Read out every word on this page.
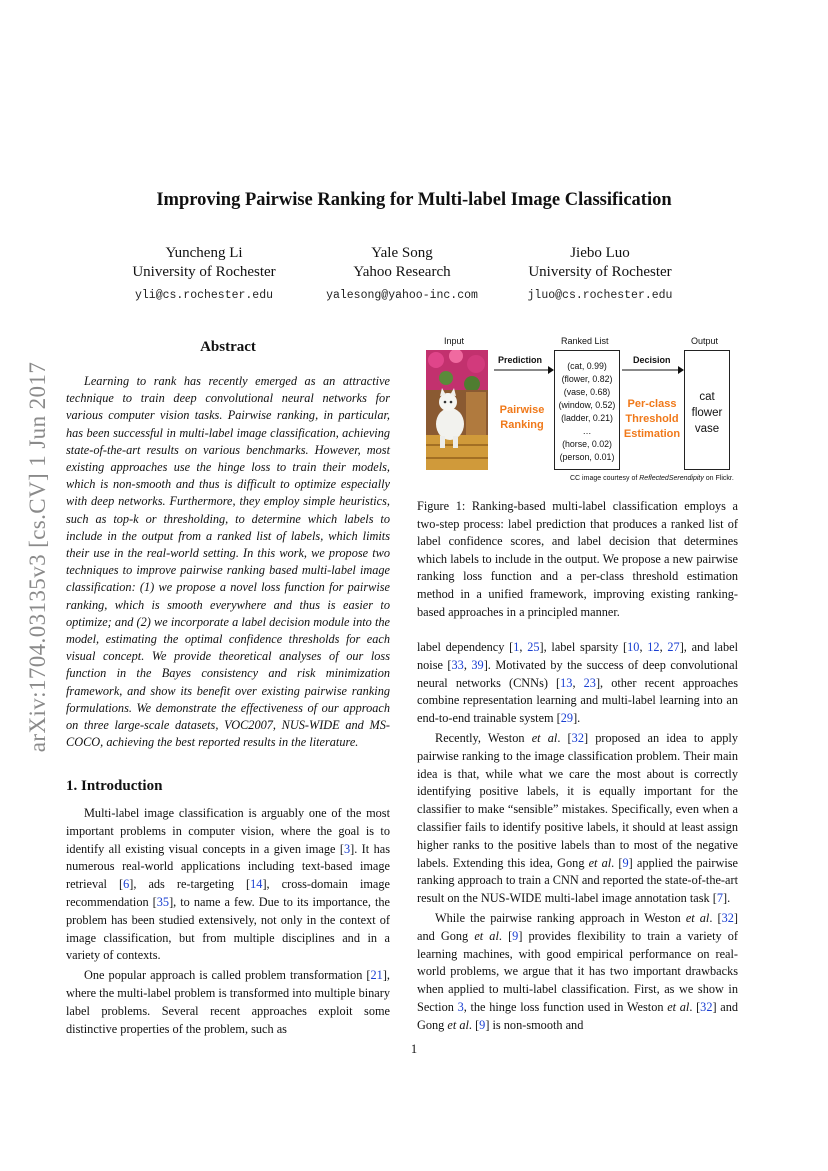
arXiv:1704.03135v3 [cs.CV] 1 Jun 2017
Improving Pairwise Ranking for Multi-label Image Classification
Yuncheng Li
University of Rochester
yli@cs.rochester.edu
Yale Song
Yahoo Research
yalesong@yahoo-inc.com
Jiebo Luo
University of Rochester
jluo@cs.rochester.edu
Abstract
Learning to rank has recently emerged as an attractive technique to train deep convolutional neural networks for various computer vision tasks. Pairwise ranking, in particular, has been successful in multi-label image classification, achieving state-of-the-art results on various benchmarks. However, most existing approaches use the hinge loss to train their models, which is non-smooth and thus is difficult to optimize especially with deep networks. Furthermore, they employ simple heuristics, such as top-k or thresholding, to determine which labels to include in the output from a ranked list of labels, which limits their use in the real-world setting. In this work, we propose two techniques to improve pairwise ranking based multi-label image classification: (1) we propose a novel loss function for pairwise ranking, which is smooth everywhere and thus is easier to optimize; and (2) we incorporate a label decision module into the model, estimating the optimal confidence thresholds for each visual concept. We provide theoretical analyses of our loss function in the Bayes consistency and risk minimization framework, and show its benefit over existing pairwise ranking formulations. We demonstrate the effectiveness of our approach on three large-scale datasets, VOC2007, NUS-WIDE and MS-COCO, achieving the best reported results in the literature.
1. Introduction

Multi-label image classification is arguably one of the most important problems in computer vision, where the goal is to identify all existing visual concepts in a given image [3]. It has numerous real-world applications including text-based image retrieval [6], ads re-targeting [14], cross-domain image recommendation [35], to name a few. Due to its importance, the problem has been studied extensively, not only in the context of image classification, but from multiple disciplines and in a variety of contexts.

One popular approach is called problem transformation [21], where the multi-label problem is transformed into multiple binary label problems. Several recent approaches exploit some distinctive properties of the problem, such as

Input	Ranked List	Output
Prediction
Pairwise
Ranking
(cat, 0.99)
(flower, 0.82)
(vase, 0.68)
(window, 0.52)
(ladder, 0.21)
…
(horse, 0.02)
(person, 0.01)
Decision
Per-class
Threshold
Estimation
cat
flower
vase
CC image courtesy of ReflectedSerendipity on Flickr.
Figure 1: Ranking-based multi-label classification employs a two-step process: label prediction that produces a ranked list of label confidence scores, and label decision that determines which labels to include in the output. We propose a new pairwise ranking loss function and a per-class threshold estimation method in a unified framework, improving existing ranking-based approaches in a principled manner.

label dependency [1, 25], label sparsity [10, 12, 27], and label noise [33, 39]. Motivated by the success of deep convolutional neural networks (CNNs) [13, 23], other recent approaches combine representation learning and multi-label learning into an end-to-end trainable system [29].

Recently, Weston et al. [32] proposed an idea to apply pairwise ranking to the image classification problem. Their main idea is that, while what we care the most about is correctly identifying positive labels, it is equally important for the classifier to make “sensible” mistakes. Specifically, even when a classifier fails to identify positive labels, it should at least assign higher ranks to the positive labels than to most of the negative labels. Extending this idea, Gong et al. [9] applied the pairwise ranking approach to train a CNN and reported the state-of-the-art result on the NUS-WIDE multi-label image annotation task [7].

While the pairwise ranking approach in Weston et al. [32] and Gong et al. [9] provides flexibility to train a variety of learning machines, with good empirical performance on real-world problems, we argue that it has two important drawbacks when applied to multi-label classification. First, as we show in Section 3, the hinge loss function used in Weston et al. [32] and Gong et al. [9] is non-smooth and

1
